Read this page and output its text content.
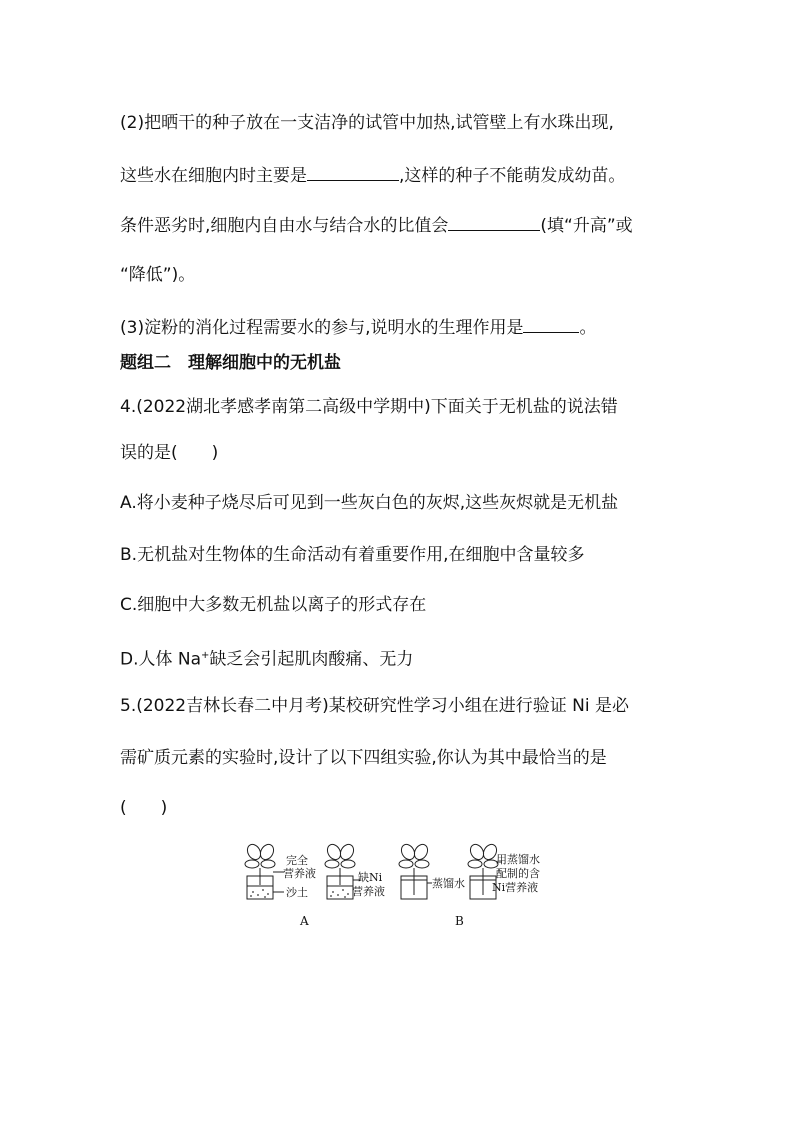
(2)把晒干的种子放在一支洁净的试管中加热,试管壁上有水珠出现,
这些水在细胞内时主要是	,这样的种子不能萌发成幼苗。
条件恶劣时,细胞内自由水与结合水的比值会	(填“升高”或
“降低”)。
(3)淀粉的消化过程需要水的参与,说明水的生理作用是	。
题组二　理解细胞中的无机盐
4.(2022湖北孝感孝南第二高级中学期中)下面关于无机盐的说法错
误的是(　　)
A.将小麦种子烧尽后可见到一些灰白色的灰烬,这些灰烬就是无机盐
B.无机盐对生物体的生命活动有着重要作用,在细胞中含量较多
C.细胞中大多数无机盐以离子的形式存在
D.人体 Na+缺乏会引起肌肉酸痛、无力
5.(2022吉林长春二中月考)某校研究性学习小组在进行验证 Ni 是必
需矿质元素的实验时,设计了以下四组实验,你认为其中最恰当的是
(　　)
完全
营养液
沙土
缺Ni
营养液
蒸馏水
用蒸馏水
配制的含
Ni营养液
A	B
